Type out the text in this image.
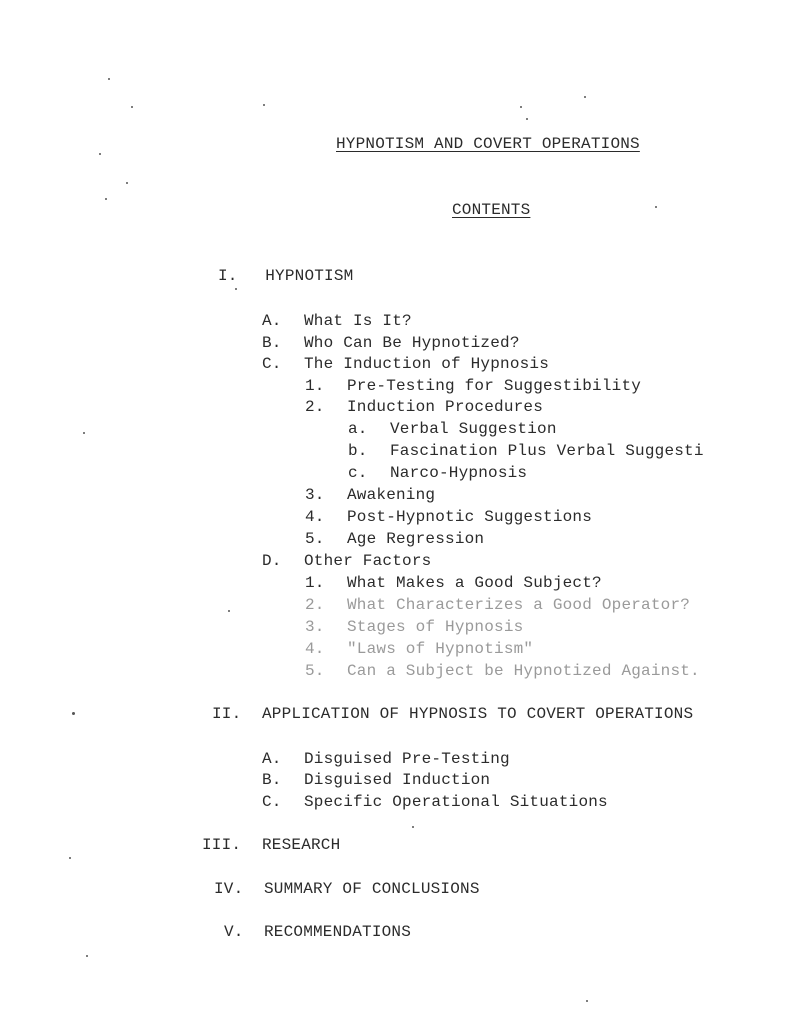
HYPNOTISM AND COVERT OPERATIONS
CONTENTS
I. HYPNOTISM
A. What Is It?
B. Who Can Be Hypnotized?
C. The Induction of Hypnosis
1. Pre-Testing for Suggestibility
2. Induction Procedures
a. Verbal Suggestion
b. Fascination Plus Verbal Suggesti
c. Narco-Hypnosis
3. Awakening
4. Post-Hypnotic Suggestions
5. Age Regression
D. Other Factors
1. What Makes a Good Subject?
2. What Characterizes a Good Operator?
3. Stages of Hypnosis
4. "Laws of Hypnotism"
5. Can a Subject be Hypnotized Against.
II. APPLICATION OF HYPNOSIS TO COVERT OPERATIONS
A. Disguised Pre-Testing
B. Disguised Induction
C. Specific Operational Situations
III. RESEARCH
IV. SUMMARY OF CONCLUSIONS
V. RECOMMENDATIONS
